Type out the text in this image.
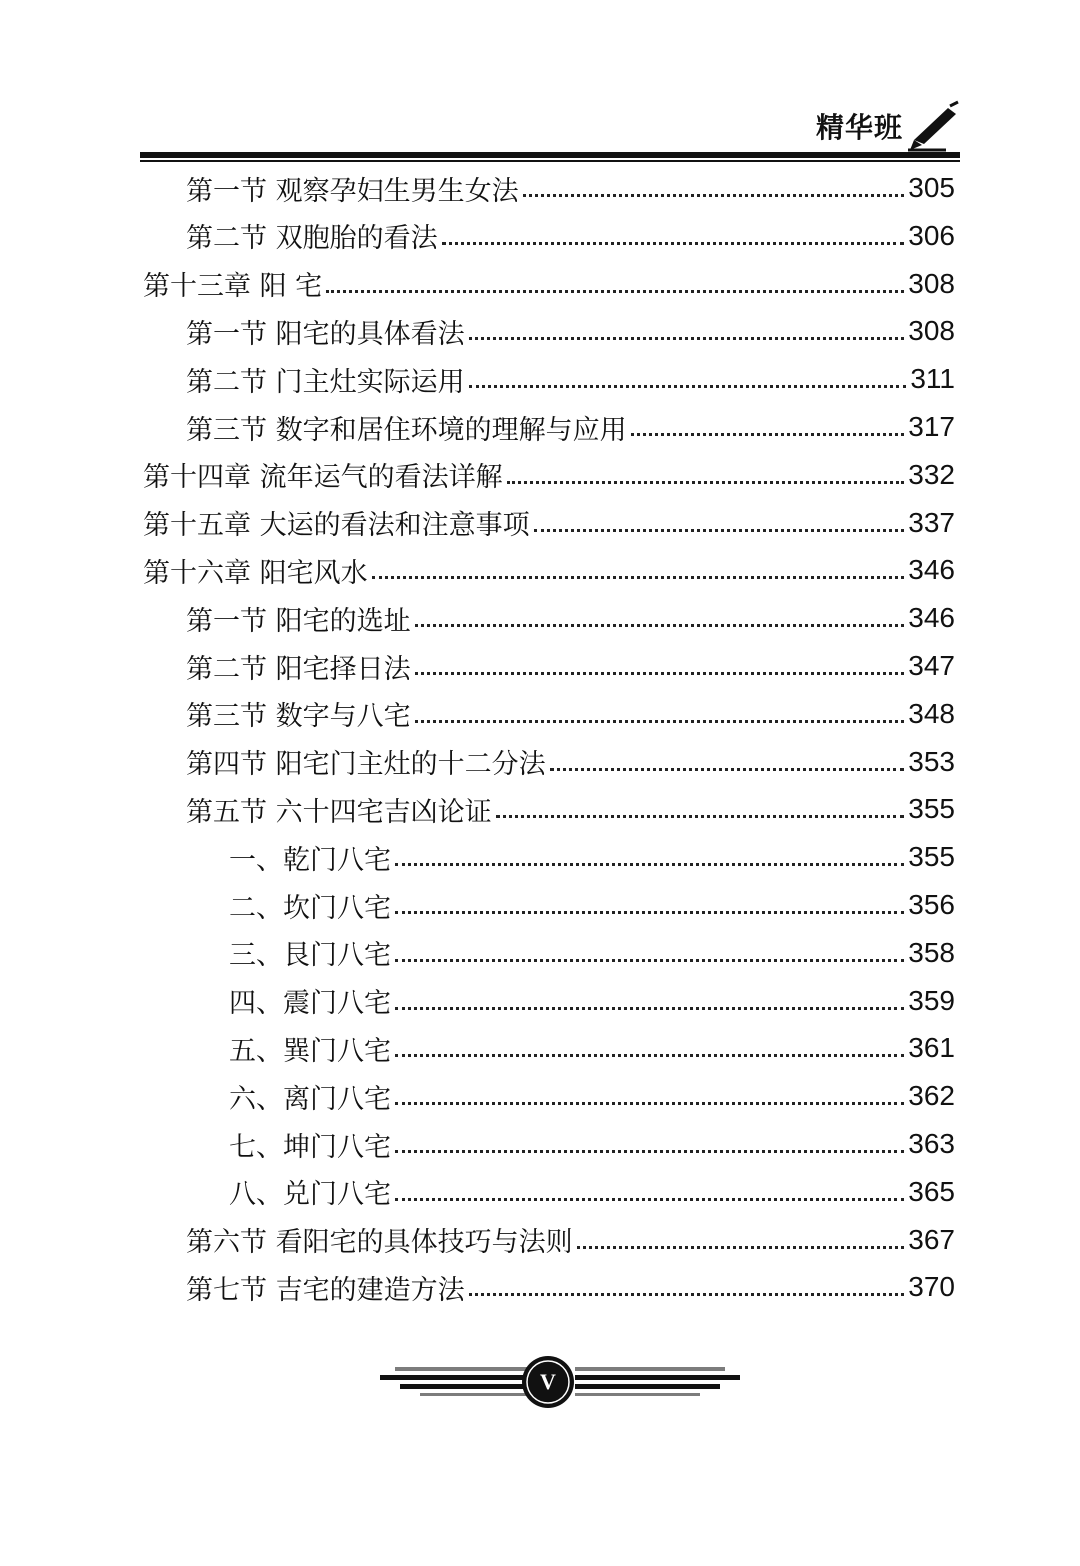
精华班
第一节 观察孕妇生男生女法	305
第二节 双胞胎的看法	306
第十三章 阳 宅	308
第一节 阳宅的具体看法	308
第二节 门主灶实际运用	311
第三节 数字和居住环境的理解与应用	317
第十四章 流年运气的看法详解	332
第十五章 大运的看法和注意事项	337
第十六章 阳宅风水	346
第一节 阳宅的选址	346
第二节 阳宅择日法	347
第三节 数字与八宅	348
第四节 阳宅门主灶的十二分法	353
第五节 六十四宅吉凶论证	355
一、乾门八宅	355
二、坎门八宅	356
三、艮门八宅	358
四、震门八宅	359
五、巽门八宅	361
六、离门八宅	362
七、坤门八宅	363
八、兑门八宅	365
第六节 看阳宅的具体技巧与法则	367
第七节 吉宅的建造方法	370
V
